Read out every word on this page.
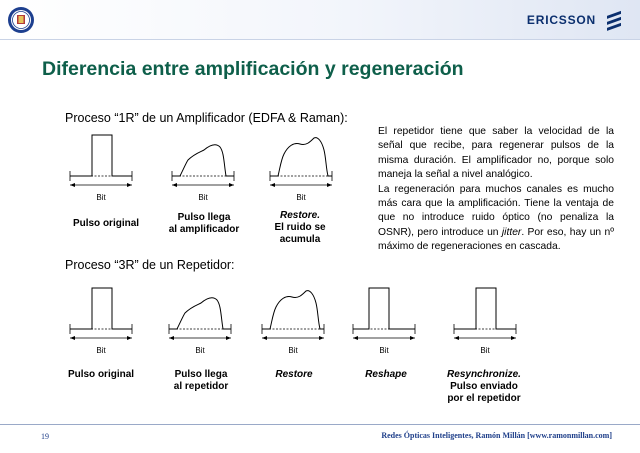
ERICSSON
Diferencia entre amplificación y regeneración
Proceso “1R” de un Amplificador (EDFA & Raman):
Proceso “3R” de un Repetidor:

El repetidor tiene que saber la velocidad de la señal que recibe, para regenerar pulsos de la misma duración. El amplificador no, porque solo maneja la señal a nivel analógico.

La regeneración para muchos canales es mucho más cara que la amplificación. Tiene la ventaja de que no introduce ruido óptico (no penaliza la OSNR), pero introduce un jitter. Por eso, hay un nº máximo de regeneraciones en cascada.

Bit	Bit	Bit
Pulso original
Pulso llega
al amplificador
Restore.
El ruido se
acumula
Bit	Bit	Bit	Bit	Bit
Pulso original	Pulso llega
al repetidor
Restore	Reshape	Resynchronize.
Pulso enviado
por el repetidor
19	Redes Ópticas Inteligentes, Ramón Millán [www.ramonmillan.com]
